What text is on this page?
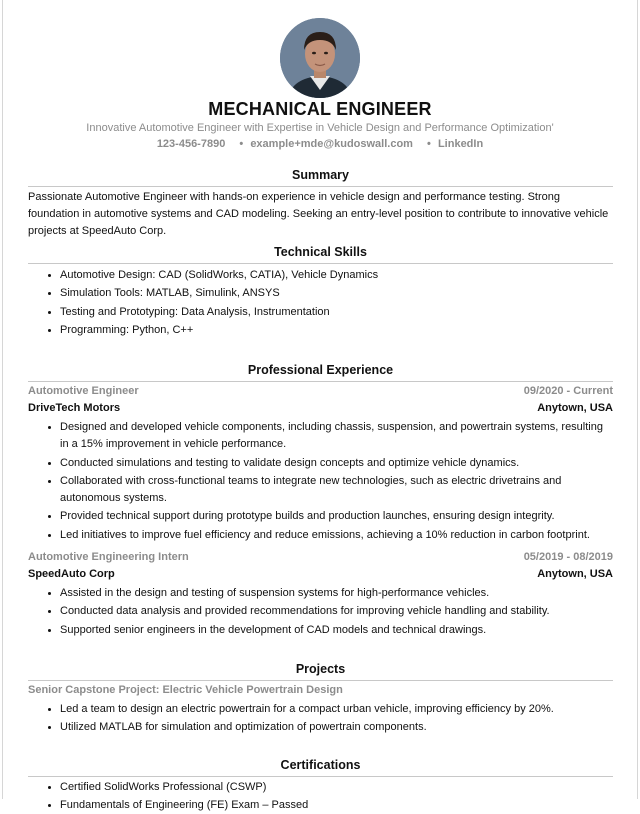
MECHANICAL ENGINEER
Innovative Automotive Engineer with Expertise in Vehicle Design and Performance Optimization'
123-456-7890 • example+mde@kudoswall.com • LinkedIn
Summary
Passionate Automotive Engineer with hands-on experience in vehicle design and performance testing. Strong foundation in automotive systems and CAD modeling. Seeking an entry-level position to contribute to innovative vehicle projects at SpeedAuto Corp.
Technical Skills
• Automotive Design: CAD (SolidWorks, CATIA), Vehicle Dynamics
• Simulation Tools: MATLAB, Simulink, ANSYS
• Testing and Prototyping: Data Analysis, Instrumentation
• Programming: Python, C++
Professional Experience
Automotive Engineer	09/2020 - Current
DriveTech Motors	Anytown, USA
• Designed and developed vehicle components, including chassis, suspension, and powertrain systems, resulting in a 15% improvement in vehicle performance.
• Conducted simulations and testing to validate design concepts and optimize vehicle dynamics.
• Collaborated with cross-functional teams to integrate new technologies, such as electric drivetrains and autonomous systems.
• Provided technical support during prototype builds and production launches, ensuring design integrity.
• Led initiatives to improve fuel efficiency and reduce emissions, achieving a 10% reduction in carbon footprint.
Automotive Engineering Intern	05/2019 - 08/2019
SpeedAuto Corp	Anytown, USA
• Assisted in the design and testing of suspension systems for high-performance vehicles.
• Conducted data analysis and provided recommendations for improving vehicle handling and stability.
• Supported senior engineers in the development of CAD models and technical drawings.
Projects
Senior Capstone Project: Electric Vehicle Powertrain Design
• Led a team to design an electric powertrain for a compact urban vehicle, improving efficiency by 20%.
• Utilized MATLAB for simulation and optimization of powertrain components.
Certifications
• Certified SolidWorks Professional (CSWP)
• Fundamentals of Engineering (FE) Exam – Passed
